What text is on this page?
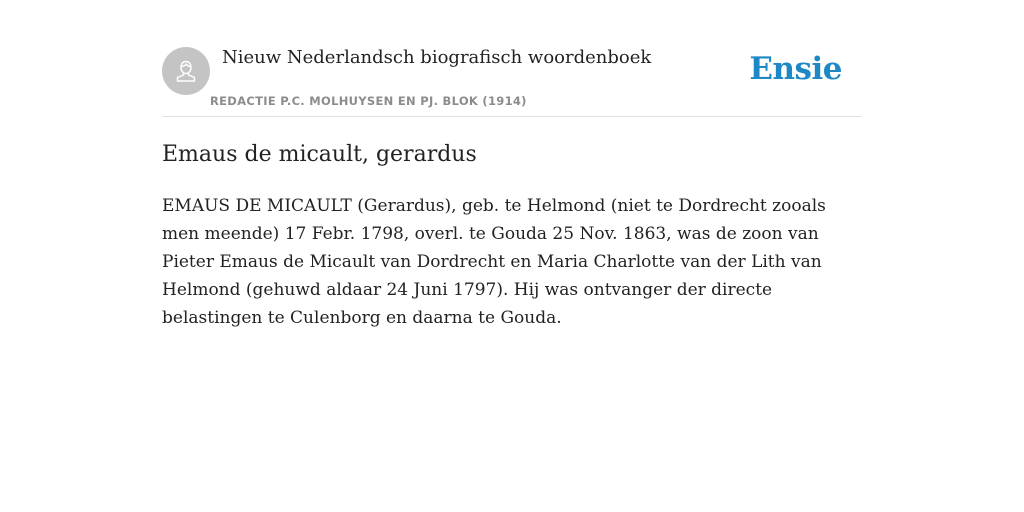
Nieuw Nederlandsch biografisch woordenboek
REDACTIE P.C. MOLHUYSEN EN PJ. BLOK (1914)
Ensie
Emaus de micault, gerardus

EMAUS DE MICAULT (Gerardus), geb. te Helmond (niet te Dordrecht zooals men meende) 17 Febr. 1798, overl. te Gouda 25 Nov. 1863, was de zoon van Pieter Emaus de Micault van Dordrecht en Maria Charlotte van der Lith van Helmond (gehuwd aldaar 24 Juni 1797). Hij was ontvanger der directe belastingen te Culenborg en daarna te Gouda.
